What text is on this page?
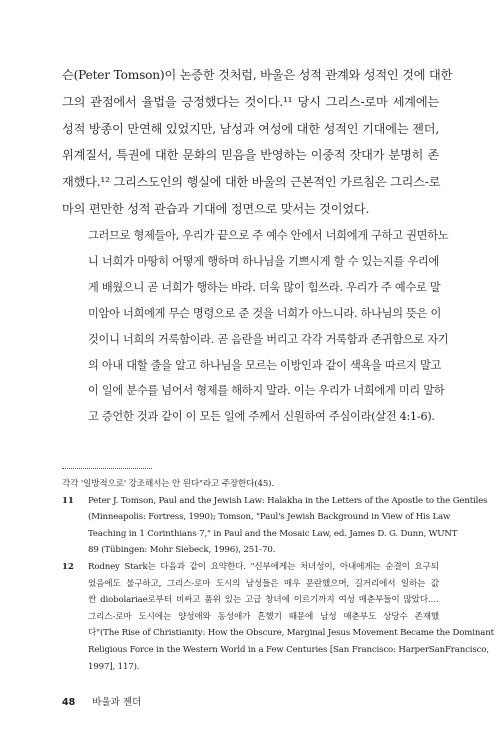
슨(Peter Tomson)이 논증한 것처럼, 바울은 성적 관계와 성적인 것에 대한

그의 관점에서 율법을 긍정했다는 것이다.¹¹ 당시 그리스-로마 세계에는

성적 방종이 만연해 있었지만, 남성과 여성에 대한 성적인 기대에는 젠더,

위계질서, 특권에 대한 문화의 믿음을 반영하는 이중적 잣대가 분명히 존

재했다.¹² 그리스도인의 행실에 대한 바울의 근본적인 가르침은 그리스-로

마의 편만한 성적 관습과 기대에 정면으로 맞서는 것이었다.

그러므로 형제들아, 우리가 끝으로 주 예수 안에서 너희에게 구하고 권면하노

니 너희가 마땅히 어떻게 행하며 하나님을 기쁘시게 할 수 있는지를 우리에

게 배웠으니 곧 너희가 행하는 바라. 더욱 많이 힘쓰라. 우리가 주 예수로 말

미암아 너희에게 무슨 명령으로 준 것을 너희가 아느니라. 하나님의 뜻은 이

것이니 너희의 거룩함이라. 곧 음란을 버리고 각각 거룩함과 존귀함으로 자기

의 아내 대할 줄을 알고 하나님을 모르는 이방인과 같이 색욕을 따르지 말고

이 일에 분수를 넘어서 형제를 해하지 말라. 이는 우리가 너희에게 미리 말하

고 증언한 것과 같이 이 모든 일에 주께서 신원하여 주심이라(살전 4:1-6).

각각 '일방적으로' 강조해서는 안 된다"라고 주장한다(45).

11 Peter J. Tomson, Paul and the Jewish Law: Halakha in the Letters of the Apostle to the Gentiles

(Minneapolis: Fortress, 1990); Tomson, "Paul's Jewish Background in View of His Law

Teaching in 1 Corinthians 7," in Paul and the Mosaic Law, ed. James D. G. Dunn, WUNT

89 (Tübingen: Mohr Siebeck, 1996), 251-70.

12 Rodney Stark는 다음과 같이 요약한다. "신부에게는 처녀성이, 아내에게는 순결이 요구되

었음에도 불구하고, 그리스-로마 도시의 남성들은 매우 문란했으며, 길거리에서 일하는 값

싼 diobolariae로부터 비싸고 품위 있는 고급 창녀에 이르기까지 여성 매춘부들이 많았다.…

그리스-로마 도시에는 양성애와 동성애가 흔했기 때문에 남성 매춘부도 상당수 존재했

다"(The Rise of Christianity: How the Obscure, Marginal Jesus Movement Became the Dominant

Religious Force in the Western World in a Few Centuries [San Francisco: HarperSanFrancisco,

1997], 117).

48 바울과 젠더
